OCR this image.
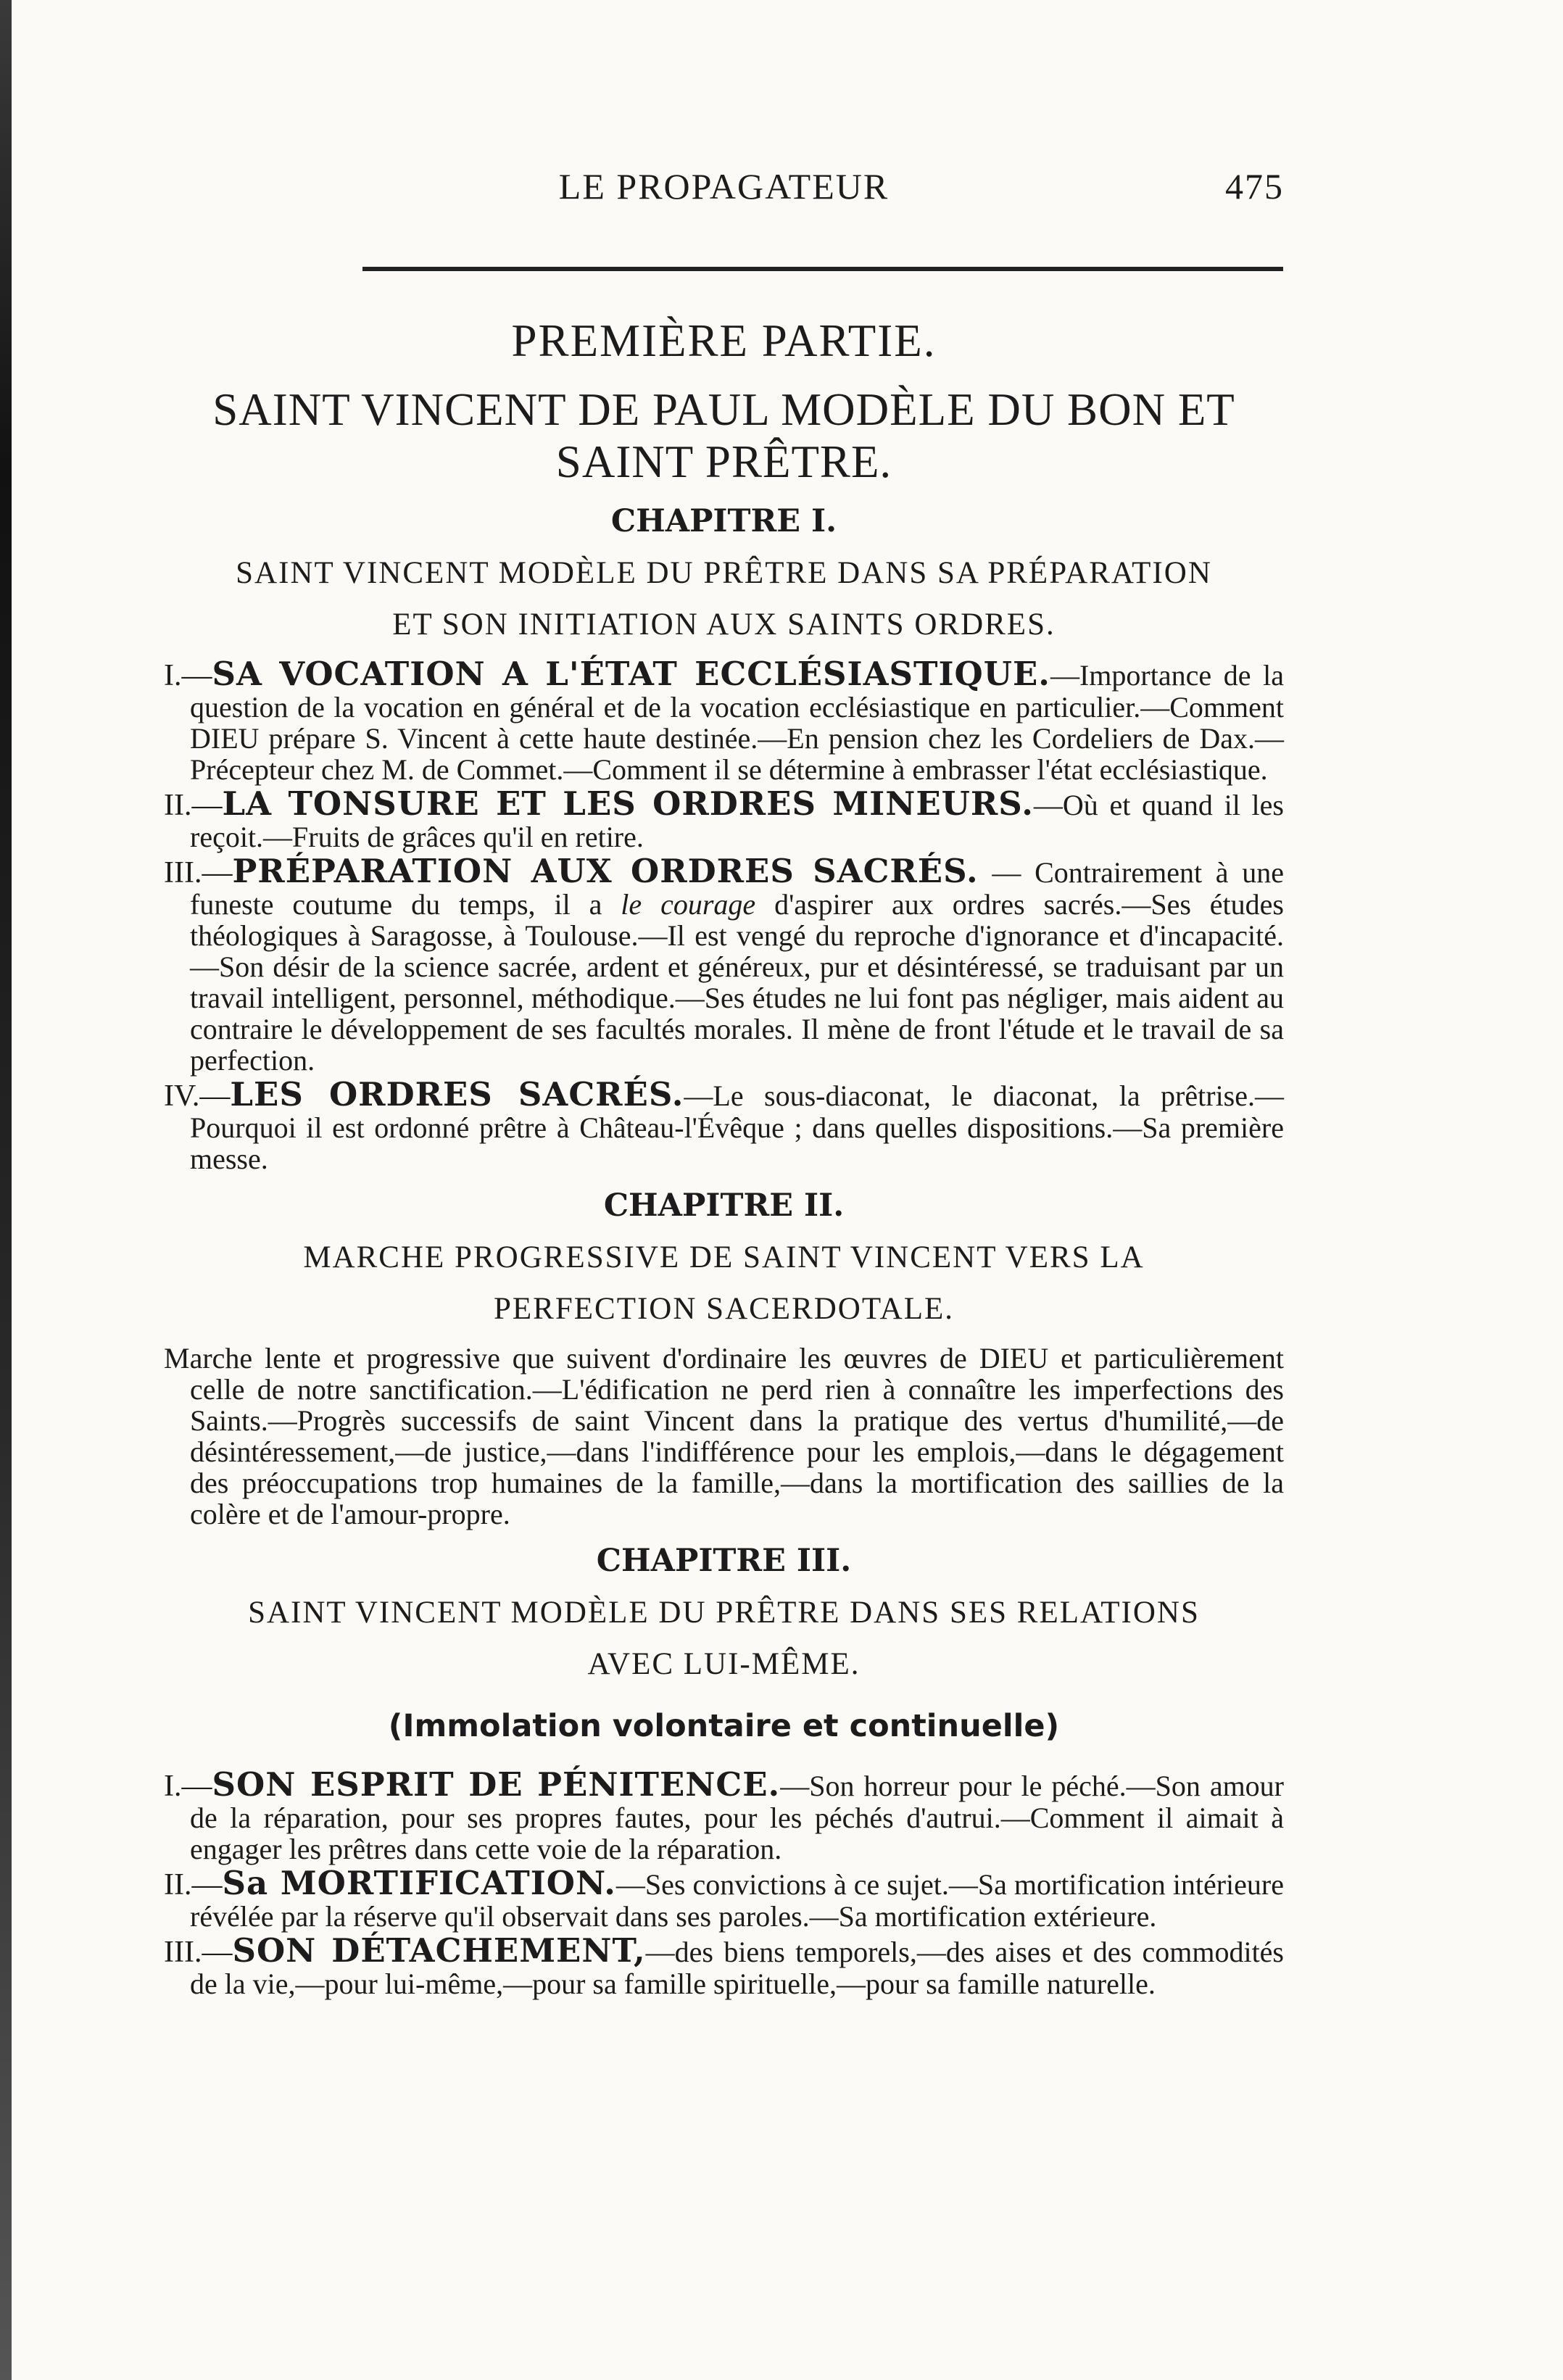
LE PROPAGATEUR	475
PREMIÈRE PARTIE.
SAINT VINCENT DE PAUL MODÈLE DU BON ET
SAINT PRÊTRE.
CHAPITRE I.
SAINT VINCENT MODÈLE DU PRÊTRE DANS SA PRÉPARATION
ET SON INITIATION AUX SAINTS ORDRES.

I.—SA VOCATION A L'ÉTAT ECCLÉSIASTIQUE.—Importance de la question de la vocation en général et de la vocation ecclésiastique en particulier.—Comment DIEU prépare S. Vincent à cette haute destinée.—En pension chez les Cordeliers de Dax.—Précepteur chez M. de Commet.—Comment il se détermine à embrasser l'état ecclésiastique.

II.—LA TONSURE ET LES ORDRES MINEURS.—Où et quand il les reçoit.—Fruits de grâces qu'il en retire.

III.—PRÉPARATION AUX ORDRES SACRÉS. — Contrairement à une funeste coutume du temps, il a le courage d'aspirer aux ordres sacrés.—Ses études théologiques à Saragosse, à Toulouse.—Il est vengé du reproche d'ignorance et d'incapacité.—Son désir de la science sacrée, ardent et généreux, pur et désintéressé, se traduisant par un travail intelligent, personnel, méthodique.—Ses études ne lui font pas négliger, mais aident au contraire le développement de ses facultés morales. Il mène de front l'étude et le travail de sa perfection.

IV.—LES ORDRES SACRÉS.—Le sous-diaconat, le diaconat, la prêtrise.—Pourquoi il est ordonné prêtre à Château-l'Évêque ; dans quelles dispositions.—Sa première messe.

CHAPITRE II.
MARCHE PROGRESSIVE DE SAINT VINCENT VERS LA
PERFECTION SACERDOTALE.

Marche lente et progressive que suivent d'ordinaire les œuvres de DIEU et particulièrement celle de notre sanctification.—L'édification ne perd rien à connaître les imperfections des Saints.—Progrès successifs de saint Vincent dans la pratique des vertus d'humilité,—de désintéressement,—de justice,—dans l'indifférence pour les emplois,—dans le dégagement des préoccupations trop humaines de la famille,—dans la mortification des saillies de la colère et de l'amour-propre.

CHAPITRE III.
SAINT VINCENT MODÈLE DU PRÊTRE DANS SES RELATIONS
AVEC LUI-MÊME.
(Immolation volontaire et continuelle)

I.—SON ESPRIT DE PÉNITENCE.—Son horreur pour le péché.—Son amour de la réparation, pour ses propres fautes, pour les péchés d'autrui.—Comment il aimait à engager les prêtres dans cette voie de la réparation.

II.—Sa MORTIFICATION.—Ses convictions à ce sujet.—Sa mortification intérieure révélée par la réserve qu'il observait dans ses paroles.—Sa mortification extérieure.

III.—SON DÉTACHEMENT,—des biens temporels,—des aises et des commodités de la vie,—pour lui-même,—pour sa famille spirituelle,—pour sa famille naturelle.
